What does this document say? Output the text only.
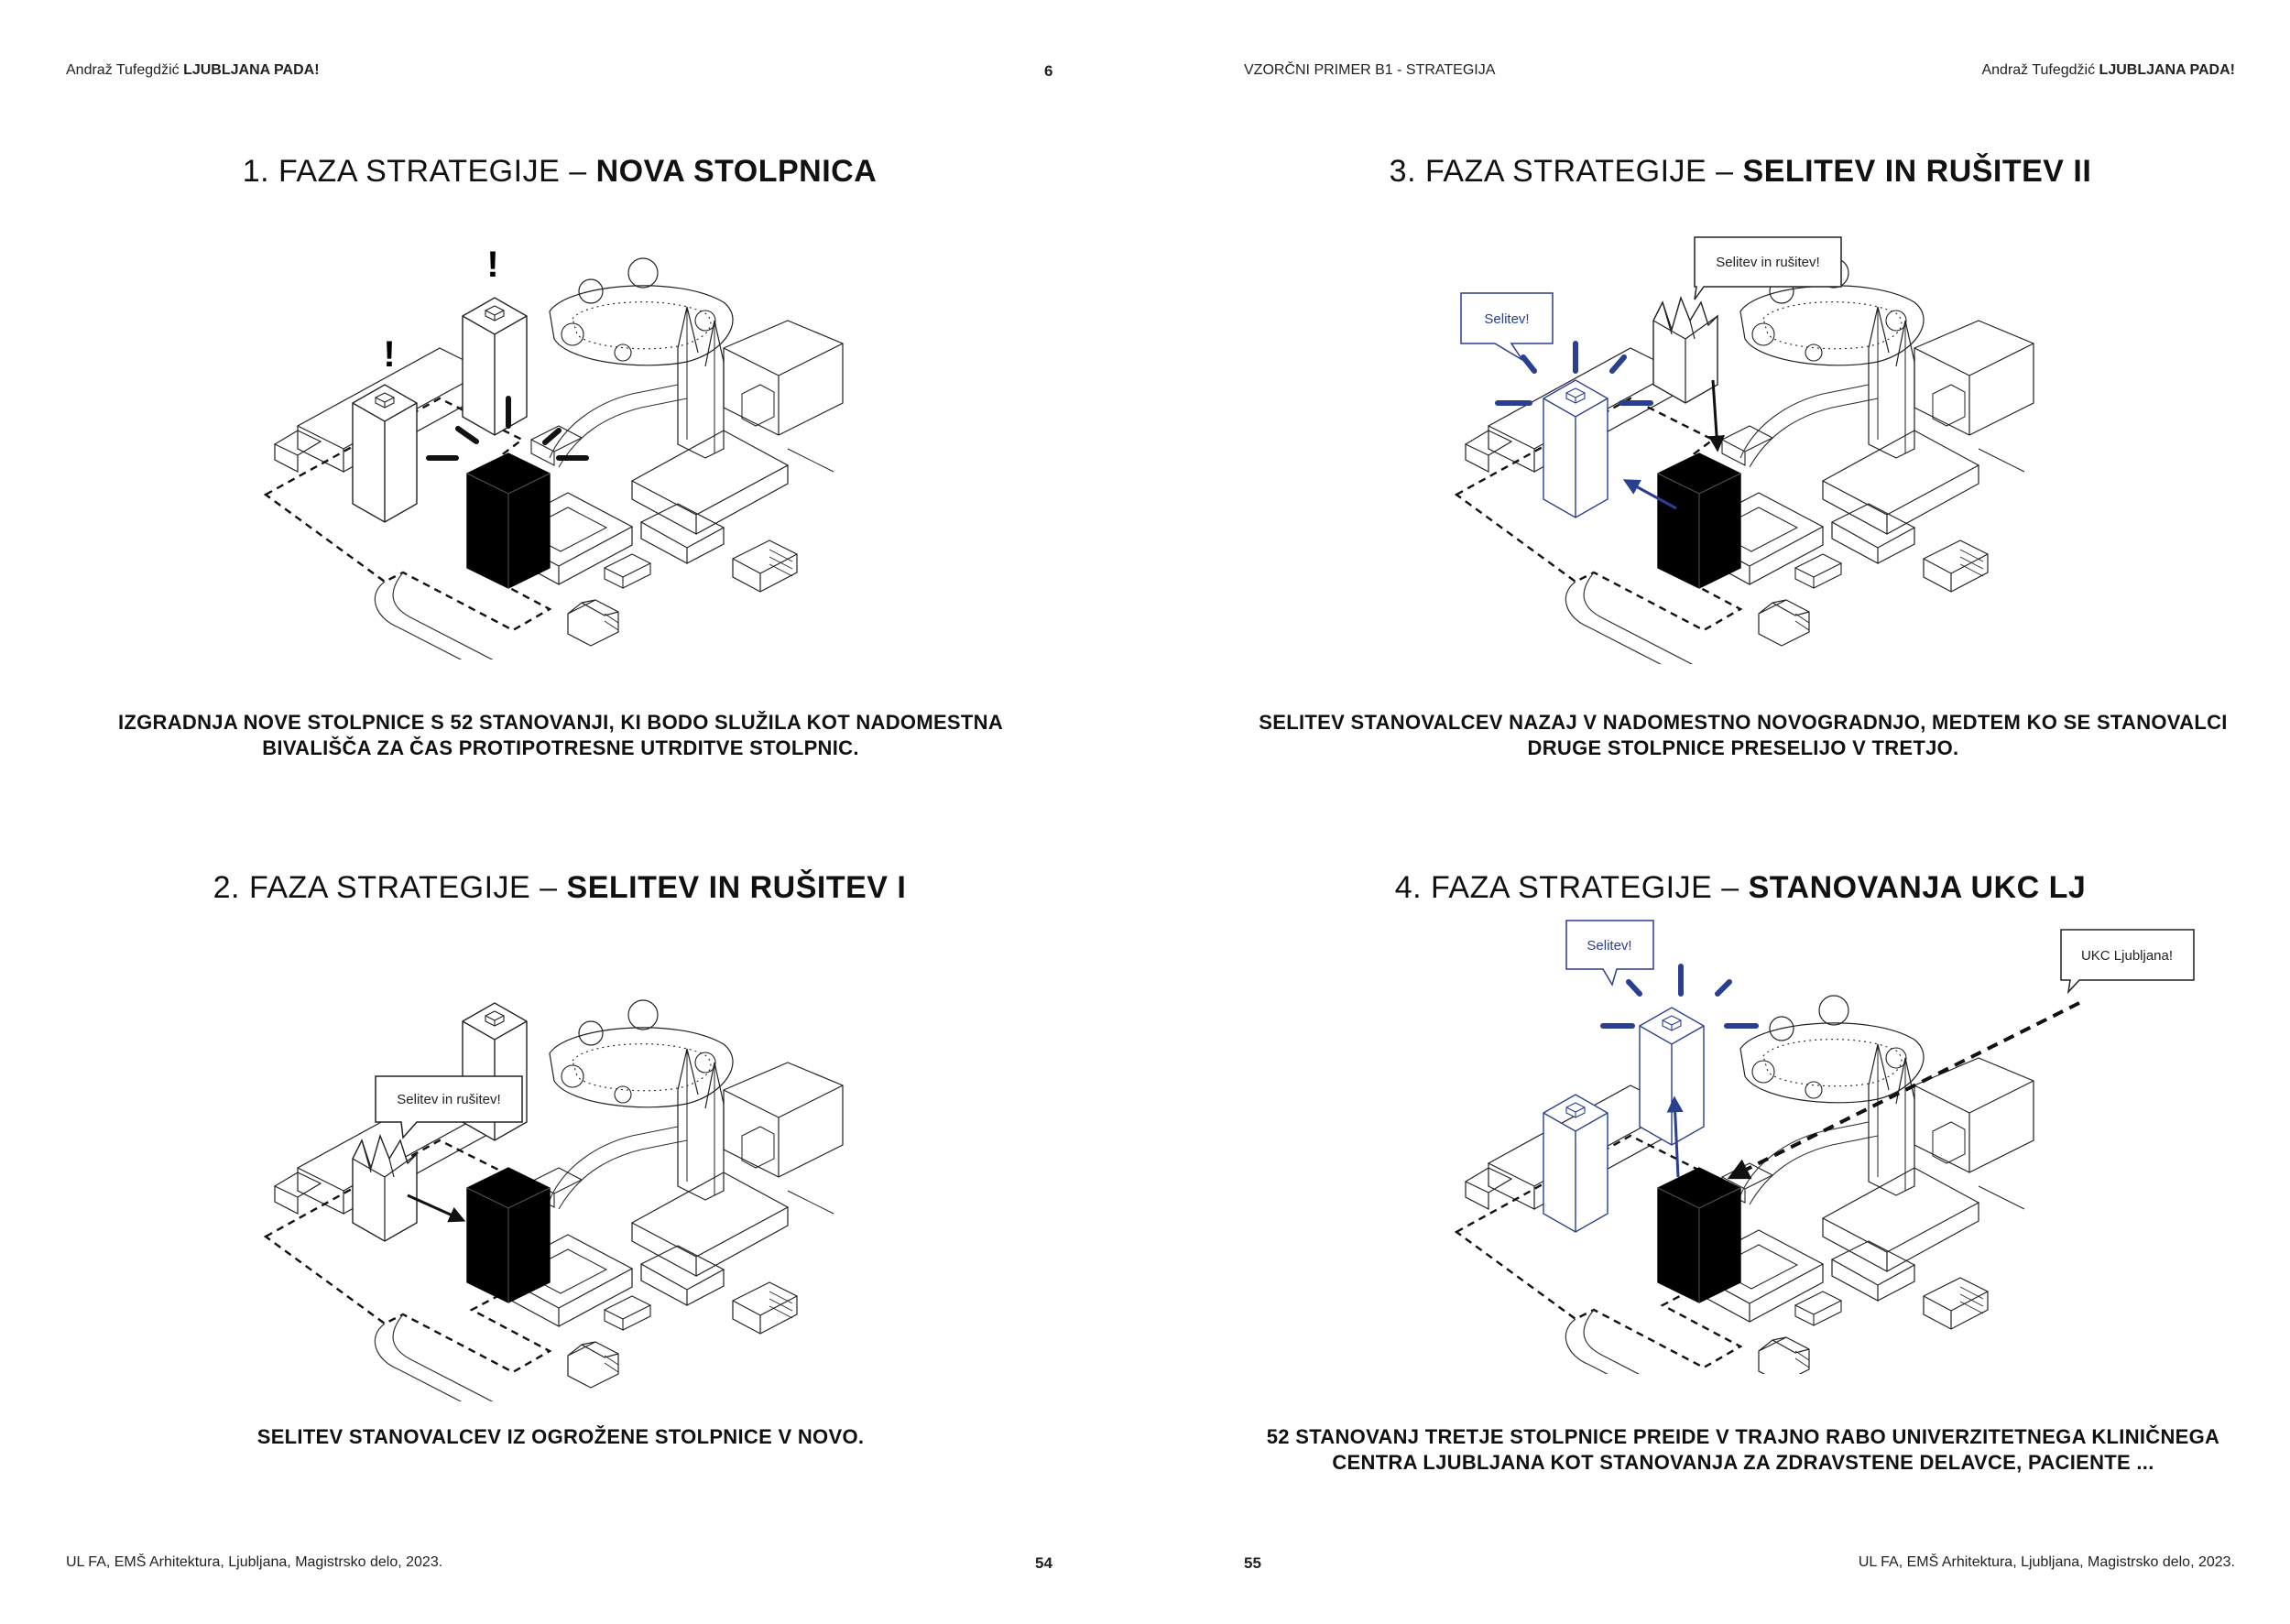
Andraž Tufegdžić LJUBLJANA PADA!	6	VZORČNI PRIMER B1 - STRATEGIJA	Andraž Tufegdžić LJUBLJANA PADA!
1. FAZA STRATEGIJE – NOVA STOLPNICA
!
!
IZGRADNJA NOVE STOLPNICE S 52 STANOVANJI, KI BODO SLUŽILA KOT NADOMESTNA BIVALIŠČA ZA ČAS PROTIPOTRESNE UTRDITVE STOLPNIC.
2. FAZA STRATEGIJE – SELITEV IN RUŠITEV I
Selitev in rušitev!
SELITEV STANOVALCEV IZ OGROŽENE STOLPNICE V NOVO.
3. FAZA STRATEGIJE – SELITEV IN RUŠITEV II
Selitev!
Selitev in rušitev!
SELITEV STANOVALCEV NAZAJ V NADOMESTNO NOVOGRADNJO, MEDTEM KO SE STANOVALCI DRUGE STOLPNICE PRESELIJO V TRETJO.
4. FAZA STRATEGIJE – STANOVANJA UKC LJ
Selitev!
UKC Ljubljana!
52 STANOVANJ TRETJE STOLPNICE PREIDE V TRAJNO RABO UNIVERZITETNEGA KLINIČNEGA CENTRA LJUBLJANA KOT STANOVANJA ZA ZDRAVSTENE DELAVCE, PACIENTE ...
UL FA, EMŠ Arhitektura, Ljubljana, Magistrsko delo, 2023.	54	55	UL FA, EMŠ Arhitektura, Ljubljana, Magistrsko delo, 2023.
